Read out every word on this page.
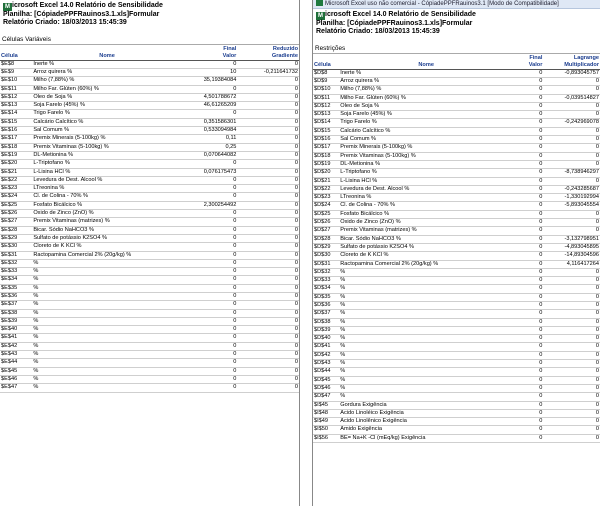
M icrosoft Excel 14.0 Relatório de Sensibilidade
Planilha: [CópiadePPFRauinos3.1.xls]Formular
Relatório Criado: 18/03/2013 15:45:39
Células Variáveis
		Final	Reduzido
Célula	Nome	Valor	Gradiente
$E$8	Inerte %	0	0
$E$9	Arroz quirera %	10	-0,211641732
$E$10	Milho (7,88%) %	35,19384084	0
$E$11	Milho Far. Glúten (60%) %	0	0
$E$12	Óleo de Soja %	4,501788672	0
$E$13	Soja Farelo (45%) %	46,61265209	0
$E$14	Trigo Farelo %	0	0
$E$15	Calcário Calcítico %	0,351586301	0
$E$16	Sal Comum %	0,533094984	0
$E$17	Premix Minerais (5-100kg) %	0,11	0
$E$18	Premix Vitaminas (5-100kg) %	0,25	0
$E$19	DL-Metionina %	0,070644082	0
$E$20	L-Triptofano %	0	0
$E$21	L-Lisina HCl %	0,076175473	0
$E$22	Levedura de Dest. Álcool %	0	0
$E$23	LTreonina %	0	0
$E$24	Cl. de Colina - 70% %	0	0
$E$25	Fosfato Bicálcico %	2,300254492	0
$E$26	Óxido de Zinco (ZnO) %	0	0
$E$27	Premix Vitaminas (matrizes) %	0	0
$E$28	Bicar. Sódio NaHCO3 %	0	0
$E$29	Sulfato de potássio K2SO4 %	0	0
$E$30	Cloreto de K KCl %	0	0
$E$31	Ractopamina Comercial 2% (20g/kg) %	0	0
$E$32	%	0	0
$E$33	%	0	0
$E$34	%	0	0
$E$35	%	0	0
$E$36	%	0	0
$E$37	%	0	0
$E$38	%	0	0
$E$39	%	0	0
$E$40	%	0	0
$E$41	%	0	0
$E$42	%	0	0
$E$43	%	0	0
$E$44	%	0	0
$E$45	%	0	0
$E$46	%	0	0
$E$47	%	0	0
Microsoft Excel uso não comercial - CópiadePPFRauinos3.1 [Modo de Compatibilidade]
M icrosoft Excel 14.0 Relatório de Sensibilidade
Planilha: [CópiadePPFRauinos3.1.xls]Formular
Relatório Criado: 18/03/2013 15:45:39
Restrições
		Final	Lagrange
Célula	Nome	Valor	Multiplicador
$D$8	Inerte %	0	-0,893045757
$D$9	Arroz quirera %	0	0
$D$10	Milho (7,88%) %	0	0
$D$11	Milho Far. Glúten (60%) %	0	-0,039514827
$D$12	Óleo de Soja %	0	0
$D$13	Soja Farelo (45%) %	0	0
$D$14	Trigo Farelo %	0	-0,242969078
$D$15	Calcário Calcítico %	0	0
$D$16	Sal Comum %	0	0
$D$17	Premix Minerais (5-100kg) %	0	0
$D$18	Premix Vitaminas (5-100kg) %	0	0
$D$19	DL-Metionina %	0	0
$D$20	L-Triptofano %	0	-8,738946297
$D$21	L-Lisina HCl %	0	0
$D$22	Levedura de Dest. Álcool %	0	-0,243285687
$D$23	LTreonina %	0	-1,330192994
$D$24	Cl. de Colina - 70% %	0	-5,893045554
$D$25	Fosfato Bicálcico %	0	0
$D$26	Óxido de Zinco (ZnO) %	0	0
$D$27	Premix Vitaminas (matrizes) %	0	0
$D$28	Bicar. Sódio NaHCO3 %	0	-3,132798951
$D$29	Sulfato de potássio K2SO4 %	0	-4,893045895
$D$30	Cloreto de K KCl %	0	-14,89304596
$D$31	Ractopamina Comercial 2% (20g/kg) %	0	4,116417264
$D$32	%	0	0
$D$33	%	0	0
$D$34	%	0	0
$D$35	%	0	0
$D$36	%	0	0
$D$37	%	0	0
$D$38	%	0	0
$D$39	%	0	0
$D$40	%	0	0
$D$41	%	0	0
$D$42	%	0	0
$D$43	%	0	0
$D$44	%	0	0
$D$45	%	0	0
$D$46	%	0	0
$D$47	%	0	0
$I$45	Gordura Exigência	0	0
$I$48	Ácido Linoléico Exigência	0	0
$I$49	Ácido Linolênico Exigência	0	0
$I$50	Amido Exigência	0	0
$I$56	BE= Na+K -Cl (mEq/kg) Exigência	0	0
